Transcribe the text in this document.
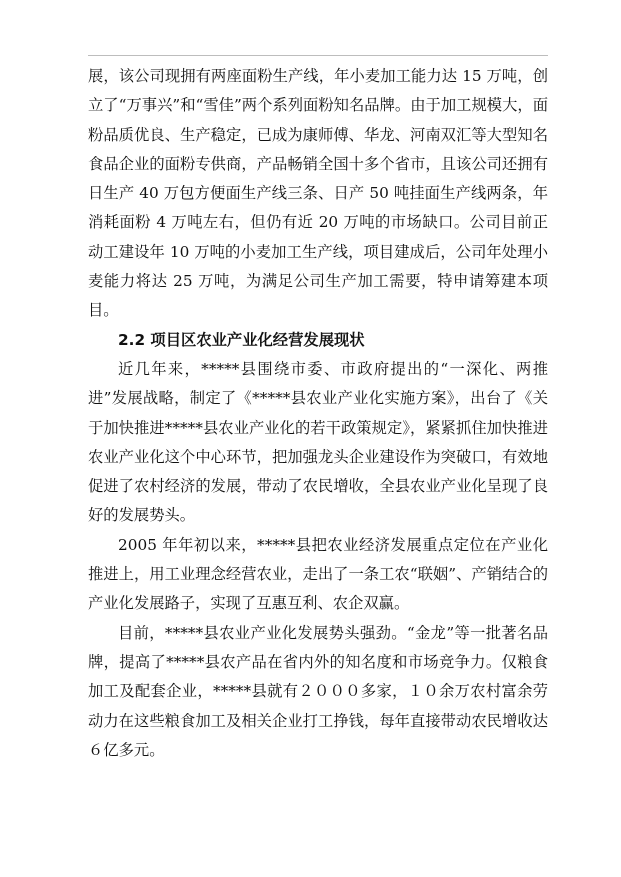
展，该公司现拥有两座面粉生产线，年小麦加工能力达 15 万吨，创立了“万事兴”和“雪佳”两个系列面粉知名品牌。由于加工规模大，面粉品质优良、生产稳定，已成为康师傅、华龙、河南双汇等大型知名食品企业的面粉专供商，产品畅销全国十多个省市，且该公司还拥有日生产 40 万包方便面生产线三条、日产 50 吨挂面生产线两条，年消耗面粉 4 万吨左右，但仍有近 20 万吨的市场缺口。公司目前正动工建设年 10 万吨的小麦加工生产线，项目建成后，公司年处理小麦能力将达 25 万吨，为满足公司生产加工需要，特申请筹建本项目。

2.2 项目区农业产业化经营发展现状

近几年来，*****县围绕市委、市政府提出的“一深化、两推进”发展战略，制定了《*****县农业产业化实施方案》，出台了《关于加快推进*****县农业产业化的若干政策规定》，紧紧抓住加快推进农业产业化这个中心环节，把加强龙头企业建设作为突破口，有效地促进了农村经济的发展，带动了农民增收，全县农业产业化呈现了良好的发展势头。

2005 年年初以来，*****县把农业经济发展重点定位在产业化推进上，用工业理念经营农业，走出了一条工农“联姻”、产销结合的产业化发展路子，实现了互惠互利、农企双赢。

目前，*****县农业产业化发展势头强劲。“金龙”等一批著名品牌，提高了*****县农产品在省内外的知名度和市场竞争力。仅粮食加工及配套企业，*****县就有２０００多家，１０余万农村富余劳动力在这些粮食加工及相关企业打工挣钱，每年直接带动农民增收达６亿多元。
